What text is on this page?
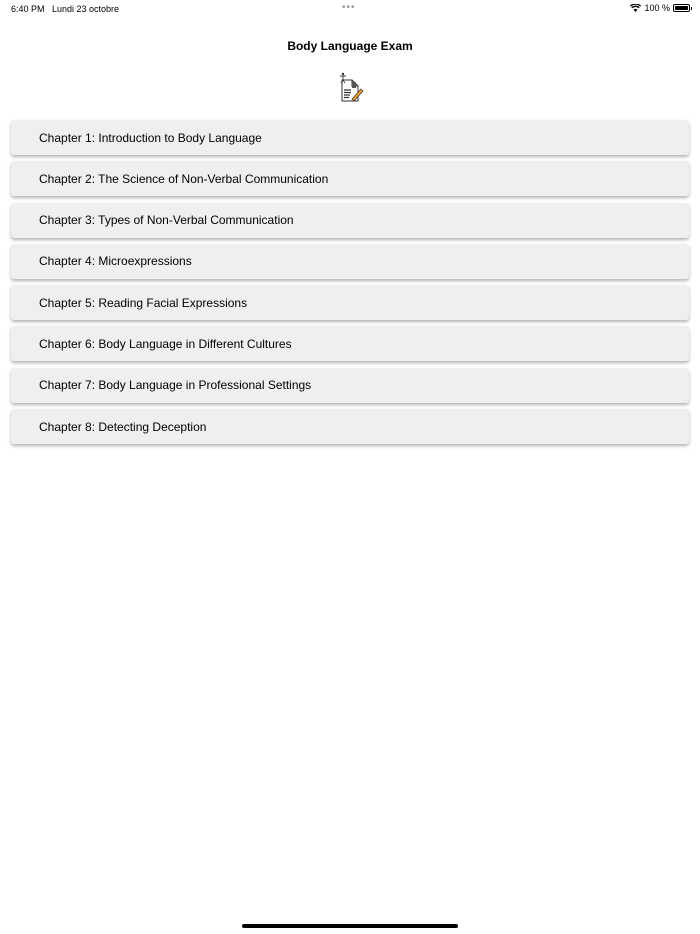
6:40 PM Lundi 23 octobre	•••	100 %
Body Language Exam
Chapter 1: Introduction to Body Language
Chapter 2: The Science of Non-Verbal Communication
Chapter 3: Types of Non-Verbal Communication
Chapter 4: Microexpressions
Chapter 5: Reading Facial Expressions
Chapter 6: Body Language in Different Cultures
Chapter 7: Body Language in Professional Settings
Chapter 8: Detecting Deception
